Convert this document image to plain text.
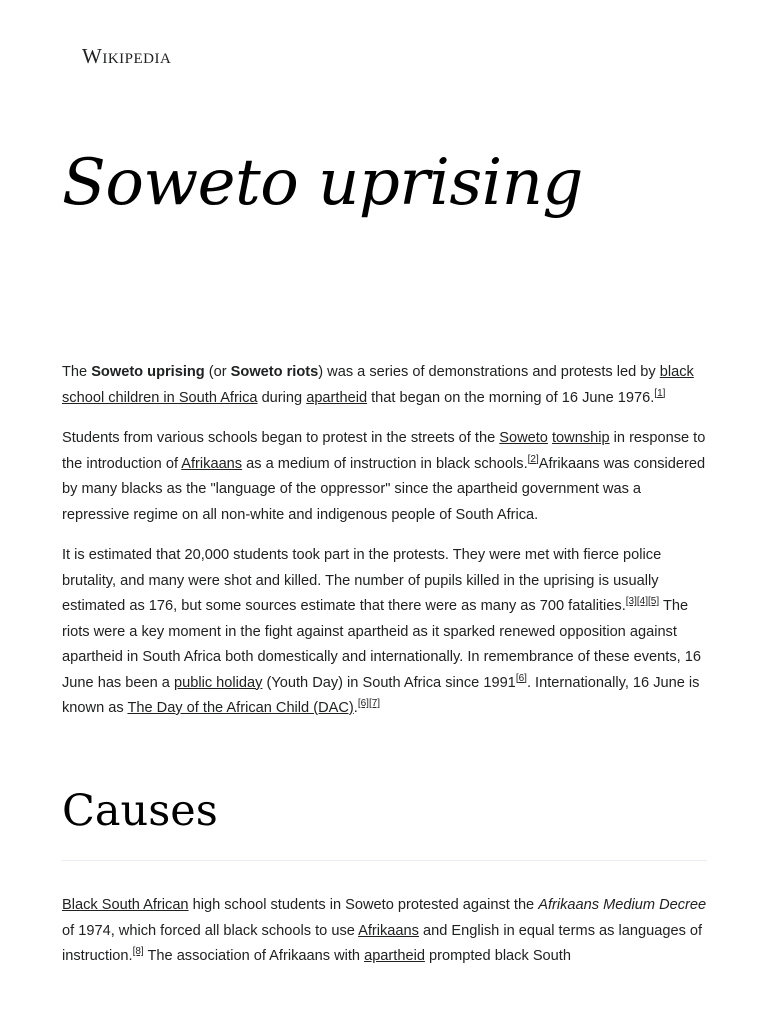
Wikipedia
Soweto uprising

The Soweto uprising (or Soweto riots) was a series of demonstrations and protests led by black school children in South Africa during apartheid that began on the morning of 16 June 1976.[1]

Students from various schools began to protest in the streets of the Soweto township in response to the introduction of Afrikaans as a medium of instruction in black schools.[2]Afrikaans was considered by many blacks as the "language of the oppressor" since the apartheid government was a repressive regime on all non-white and indigenous people of South Africa.

It is estimated that 20,000 students took part in the protests. They were met with fierce police brutality, and many were shot and killed. The number of pupils killed in the uprising is usually estimated as 176, but some sources estimate that there were as many as 700 fatalities.[3][4][5] The riots were a key moment in the fight against apartheid as it sparked renewed opposition against apartheid in South Africa both domestically and internationally. In remembrance of these events, 16 June has been a public holiday (Youth Day) in South Africa since 1991[6]. Internationally, 16 June is known as The Day of the African Child (DAC).[6][7]

Causes

Black South African high school students in Soweto protested against the Afrikaans Medium Decree of 1974, which forced all black schools to use Afrikaans and English in equal terms as languages of instruction.[8] The association of Afrikaans with apartheid prompted black South
